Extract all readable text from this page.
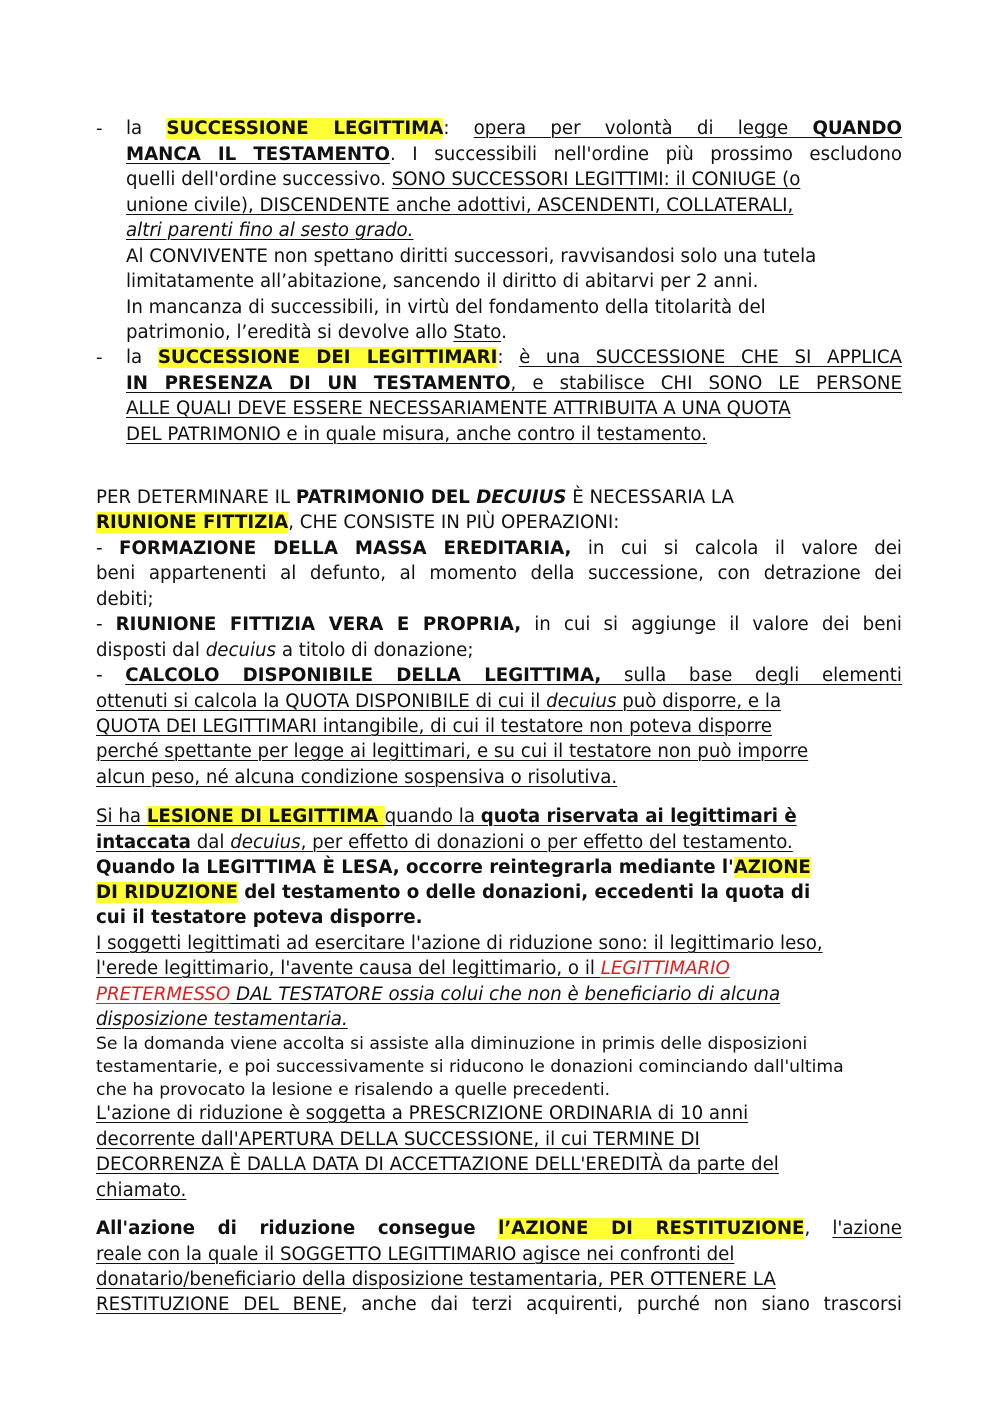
- la SUCCESSIONE LEGITTIMA: opera per volontà di legge QUANDO

MANCA IL TESTAMENTO. I successibili nell'ordine più prossimo escludono

quelli dell'ordine successivo. SONO SUCCESSORI LEGITTIMI: il CONIUGE (o

unione civile), DISCENDENTE anche adottivi, ASCENDENTI, COLLATERALI,

altri parenti fino al sesto grado.

Al CONVIVENTE non spettano diritti successori, ravvisandosi solo una tutela

limitatamente all’abitazione, sancendo il diritto di abitarvi per 2 anni.

In mancanza di successibili, in virtù del fondamento della titolarità del

patrimonio, l’eredità si devolve allo Stato.

- la SUCCESSIONE DEI LEGITTIMARI: è una SUCCESSIONE CHE SI APPLICA

IN PRESENZA DI UN TESTAMENTO, e stabilisce CHI SONO LE PERSONE

ALLE QUALI DEVE ESSERE NECESSARIAMENTE ATTRIBUITA A UNA QUOTA

DEL PATRIMONIO e in quale misura, anche contro il testamento.

PER DETERMINARE IL PATRIMONIO DEL DECUIUS È NECESSARIA LA

RIUNIONE FITTIZIA, CHE CONSISTE IN PIÙ OPERAZIONI:

- FORMAZIONE DELLA MASSA EREDITARIA, in cui si calcola il valore dei

beni appartenenti al defunto, al momento della successione, con detrazione dei

debiti;

- RIUNIONE FITTIZIA VERA E PROPRIA, in cui si aggiunge il valore dei beni

disposti dal decuius a titolo di donazione;

- CALCOLO DISPONIBILE DELLA LEGITTIMA, sulla base degli elementi

ottenuti si calcola la QUOTA DISPONIBILE di cui il decuius può disporre, e la

QUOTA DEI LEGITTIMARI intangibile, di cui il testatore non poteva disporre

perché spettante per legge ai legittimari, e su cui il testatore non può imporre

alcun peso, né alcuna condizione sospensiva o risolutiva.

Si ha LESIONE DI LEGITTIMA quando la quota riservata ai legittimari è

intaccata dal decuius, per effetto di donazioni o per effetto del testamento.

Quando la LEGITTIMA È LESA, occorre reintegrarla mediante l'AZIONE

DI RIDUZIONE del testamento o delle donazioni, eccedenti la quota di

cui il testatore poteva disporre.

I soggetti legittimati ad esercitare l'azione di riduzione sono: il legittimario leso,

l'erede legittimario, l'avente causa del legittimario, o il LEGITTIMARIO

PRETERMESSO DAL TESTATORE ossia colui che non è beneficiario di alcuna

disposizione testamentaria.

Se la domanda viene accolta si assiste alla diminuzione in primis delle disposizioni

testamentarie, e poi successivamente si riducono le donazioni cominciando dall'ultima

che ha provocato la lesione e risalendo a quelle precedenti.

L'azione di riduzione è soggetta a PRESCRIZIONE ORDINARIA di 10 anni

decorrente dall'APERTURA DELLA SUCCESSIONE, il cui TERMINE DI

DECORRENZA È DALLA DATA DI ACCETTAZIONE DELL'EREDITÀ da parte del

chiamato.

All'azione di riduzione consegue l’AZIONE DI RESTITUZIONE, l'azione

reale con la quale il SOGGETTO LEGITTIMARIO agisce nei confronti del

donatario/beneficiario della disposizione testamentaria, PER OTTENERE LA

RESTITUZIONE DEL BENE, anche dai terzi acquirenti, purché non siano trascorsi
